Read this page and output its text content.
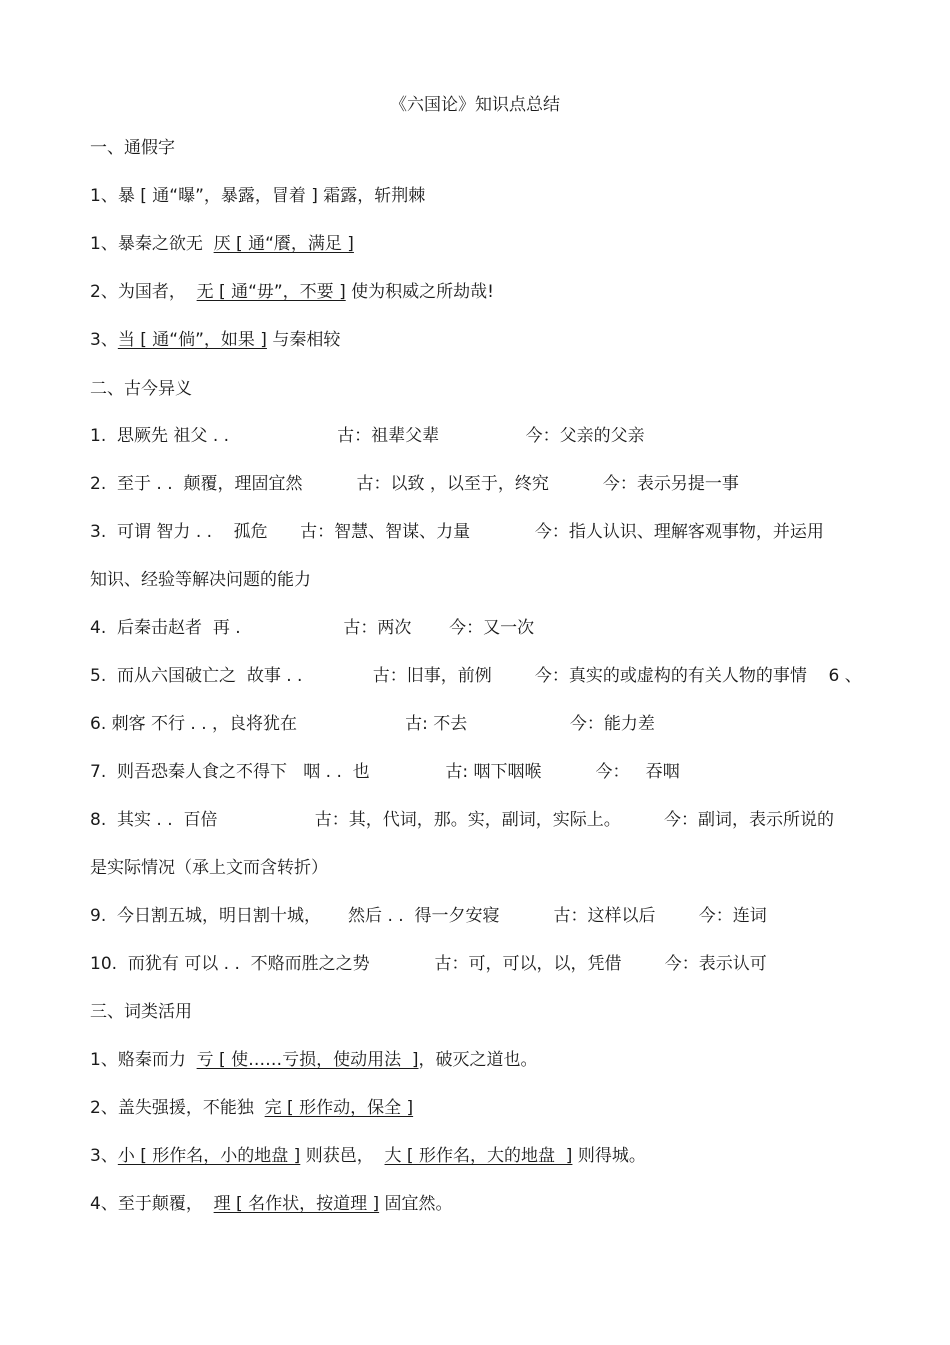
《六国论》知识点总结
一、通假字
1、暴 [ 通“曝”，暴露，冒着 ] 霜露，斩荆棘
1、暴秦之欲无  厌 [ 通“餍，满足 ]
2、为国者，  无 [ 通“毋”，不要 ] 使为积威之所劫哉!
3、当 [ 通“倘”，如果 ] 与秦相较
二、古今异义
1.  思厥先 祖父 . .                    古：祖辈父辈                今：父亲的父亲
2.  至于 . .  颠覆，理固宜然          古：以致 ，以至于，终究          今：表示另提一事
3.  可谓 智力 . .    孤危      古：智慧、智谋、力量            今：指人认识、理解客观事物，并运用
知识、经验等解决问题的能力
4.  后秦击赵者  再 .                   古：两次       今：又一次
5.  而从六国破亡之  故事 . .             古：旧事，前例        今：真实的或虚构的有关人物的事情    6 、
6. 刺客 不行 . . ，良将犹在                    古: 不去                   今：能力差
7.  则吾恐秦人食之不得下   咽 . .  也              古: 咽下咽喉          今：   吞咽
8.  其实 . .  百倍                  古：其，代词，那。实，副词，实际上。        今：副词，表示所说的
是实际情况（承上文而含转折）
9.  今日割五城，明日割十城，     然后 . .  得一夕安寝          古：这样以后        今：连词
10.  而犹有 可以 . .  不赂而胜之之势            古：可，可以，以，凭借        今：表示认可
三、词类活用
1、赂秦而力  亏 [ 使……亏损，使动用法  ]，破灭之道也。
2、盖失强援，不能独  完 [ 形作动，保全 ]
3、小 [ 形作名，小的地盘 ] 则获邑，  大 [ 形作名，大的地盘  ] 则得城。
4、至于颠覆，  理 [ 名作状，按道理 ] 固宜然。
